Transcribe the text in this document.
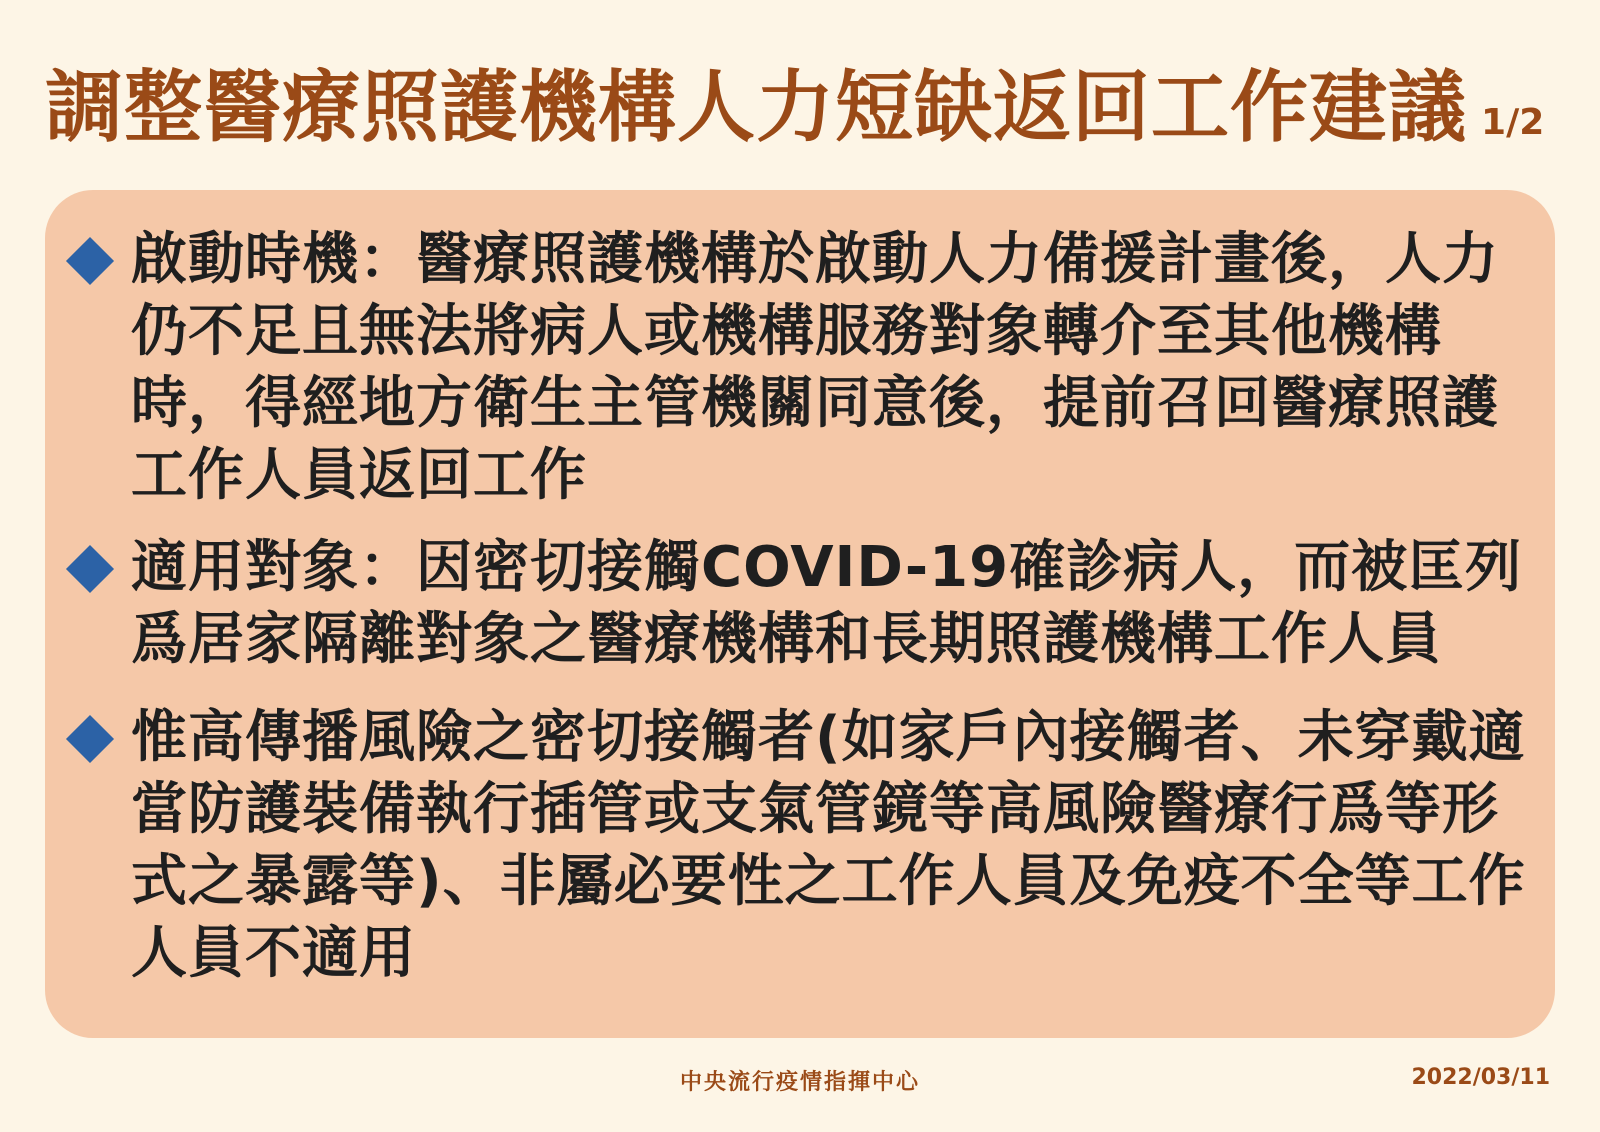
調整醫療照護機構人力短缺返回工作建議 1/2

啟動時機：醫療照護機構於啟動人力備援計畫後，人力仍不足且無法將病人或機構服務對象轉介至其他機構時，得經地方衛生主管機關同意後，提前召回醫療照護工作人員返回工作

適用對象：因密切接觸COVID-19確診病人，而被匡列爲居家隔離對象之醫療機構和長期照護機構工作人員

惟高傳播風險之密切接觸者(如家戶內接觸者、未穿戴適當防護裝備執行插管或支氣管鏡等高風險醫療行爲等形式之暴露等)、非屬必要性之工作人員及免疫不全等工作人員不適用

中央流行疫情指揮中心	2022/03/11
